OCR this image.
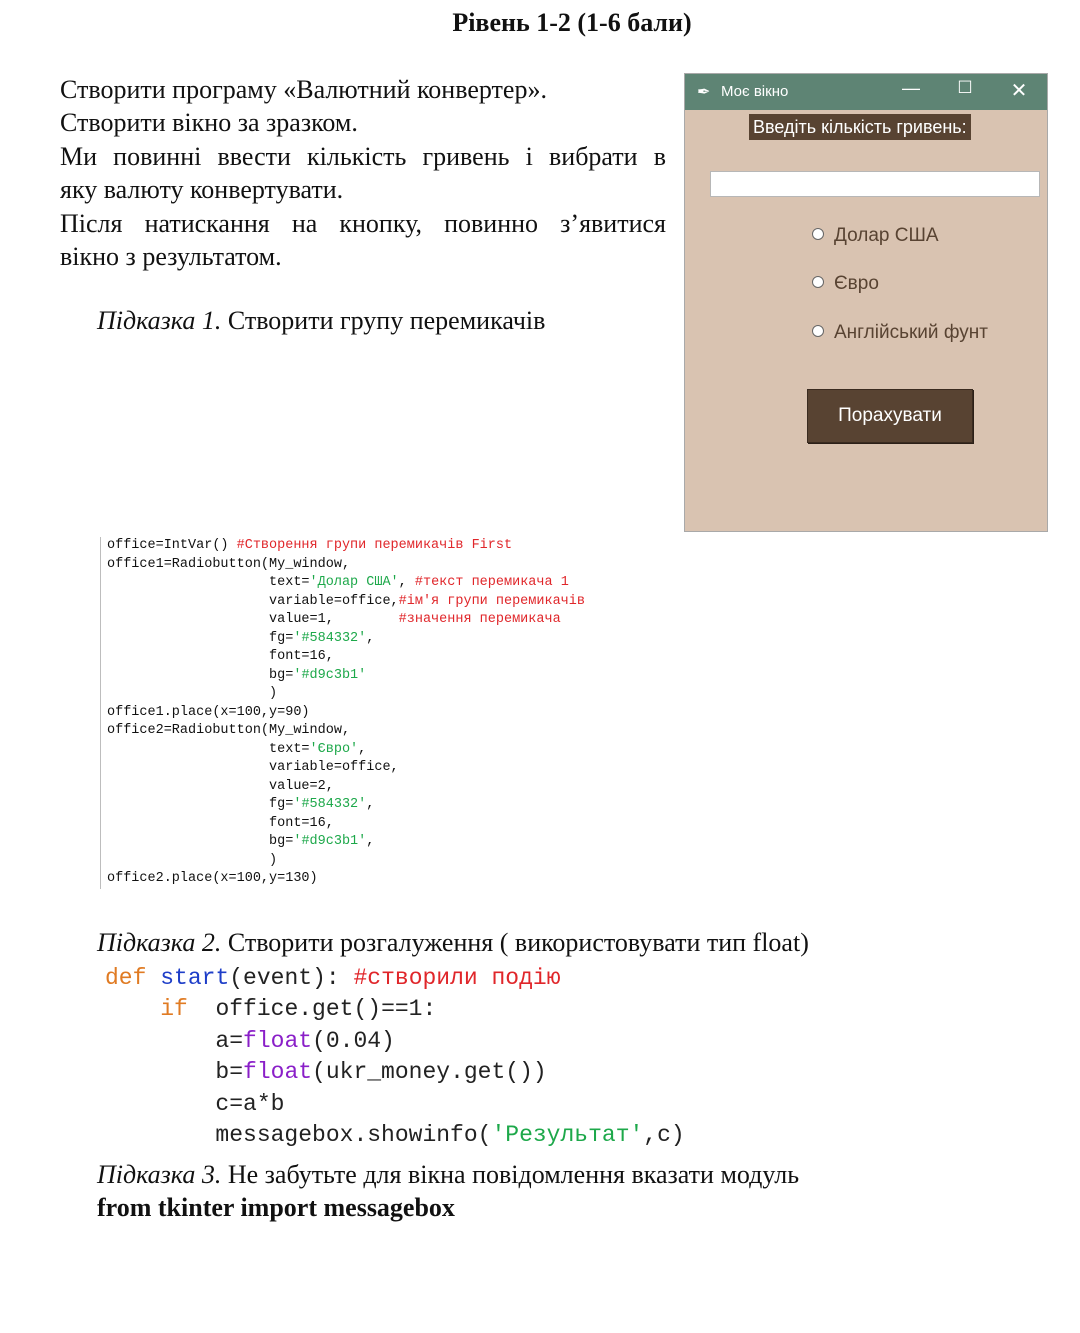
Рівень 1-2 (1-6 бали)
Створити програму «Валютний конвертер».
Створити вікно за зразком.
Ми повинні ввести кількість гривень і вибрати в
яку валюту конвертувати.
Після натискання на кнопку, повинно з’явитися
вікно з результатом.
Підказка 1. Створити групу перемикачів
✒ Моє вікно	—	☐	✕
Введіть кількість гривень:
Долар США
Євро
Англійський фунт
Порахувати
office=IntVar() #Створення групи перемикачів First
office1=Radiobutton(My_window,
text='Долар США', #текст перемикача 1
variable=office,#ім'я групи перемикачів
value=1,        #значення перемикача
fg='#584332',
font=16,
bg='#d9c3b1'
)
office1.place(x=100,y=90)
office2=Radiobutton(My_window,
text='Євро',
variable=office,
value=2,
fg='#584332',
font=16,
bg='#d9c3b1',
)
office2.place(x=100,y=130)
Підказка 2. Створити розгалуження ( використовувати тип float)
def start(event): #створили подію
if office.get()==1:
a=float(0.04)
b=float(ukr_money.get())
c=a*b
messagebox.showinfo('Результат',c)
Підказка 3. Не забутьте для вікна повідомлення вказати модуль
from tkinter import messagebox
